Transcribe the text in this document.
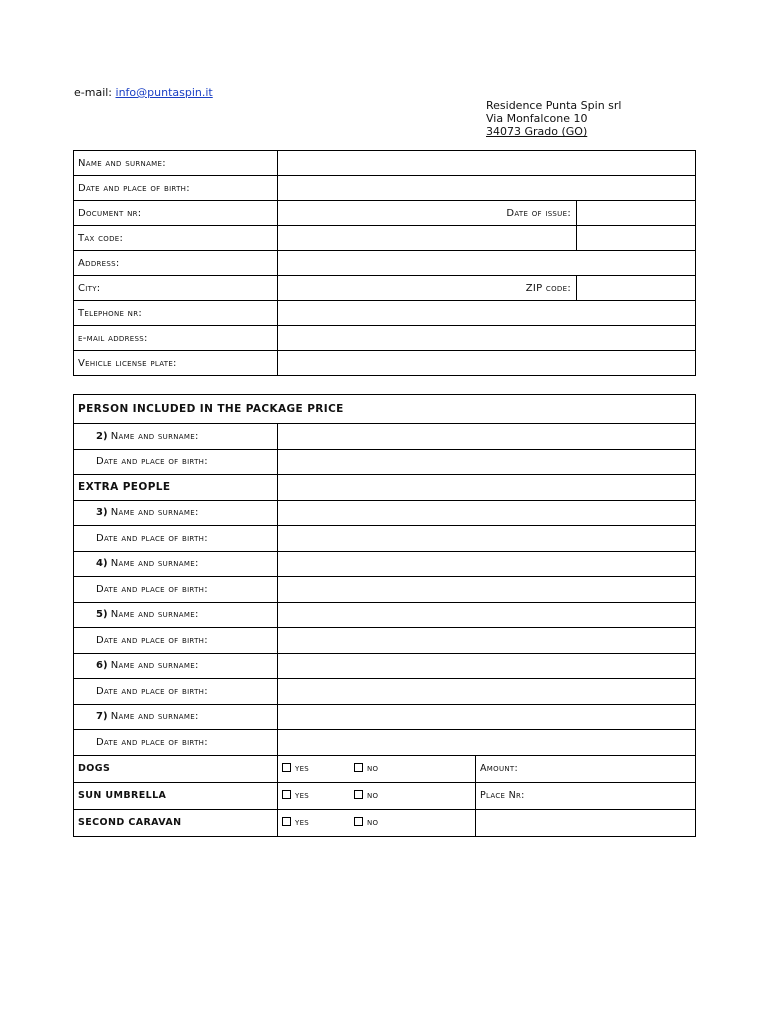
e-mail: info@puntaspin.it
Residence Punta Spin srl
Via Monfalcone 10
34073 Grado (GO)
Name and surname:		
Date and place of birth:		
Document nr:	Date of issue:	
Tax code:		
Address:		
City:	ZIP code:	
Telephone nr:		
e-mail address:		
Vehicle license plate:		
PERSON INCLUDED IN THE PACKAGE PRICE		
2) Name and surname:		
Date and place of birth:		
EXTRA PEOPLE		
3) Name and surname:		
Date and place of birth:		
4) Name and surname:		
Date and place of birth:		
5) Name and surname:		
Date and place of birth:		
6) Name and surname:		
Date and place of birth:		
7) Name and surname:		
Date and place of birth:		
DOGS	yes no	Amount:
SUN UMBRELLA	yes no	Place Nr:
SECOND CARAVAN	yes no	
